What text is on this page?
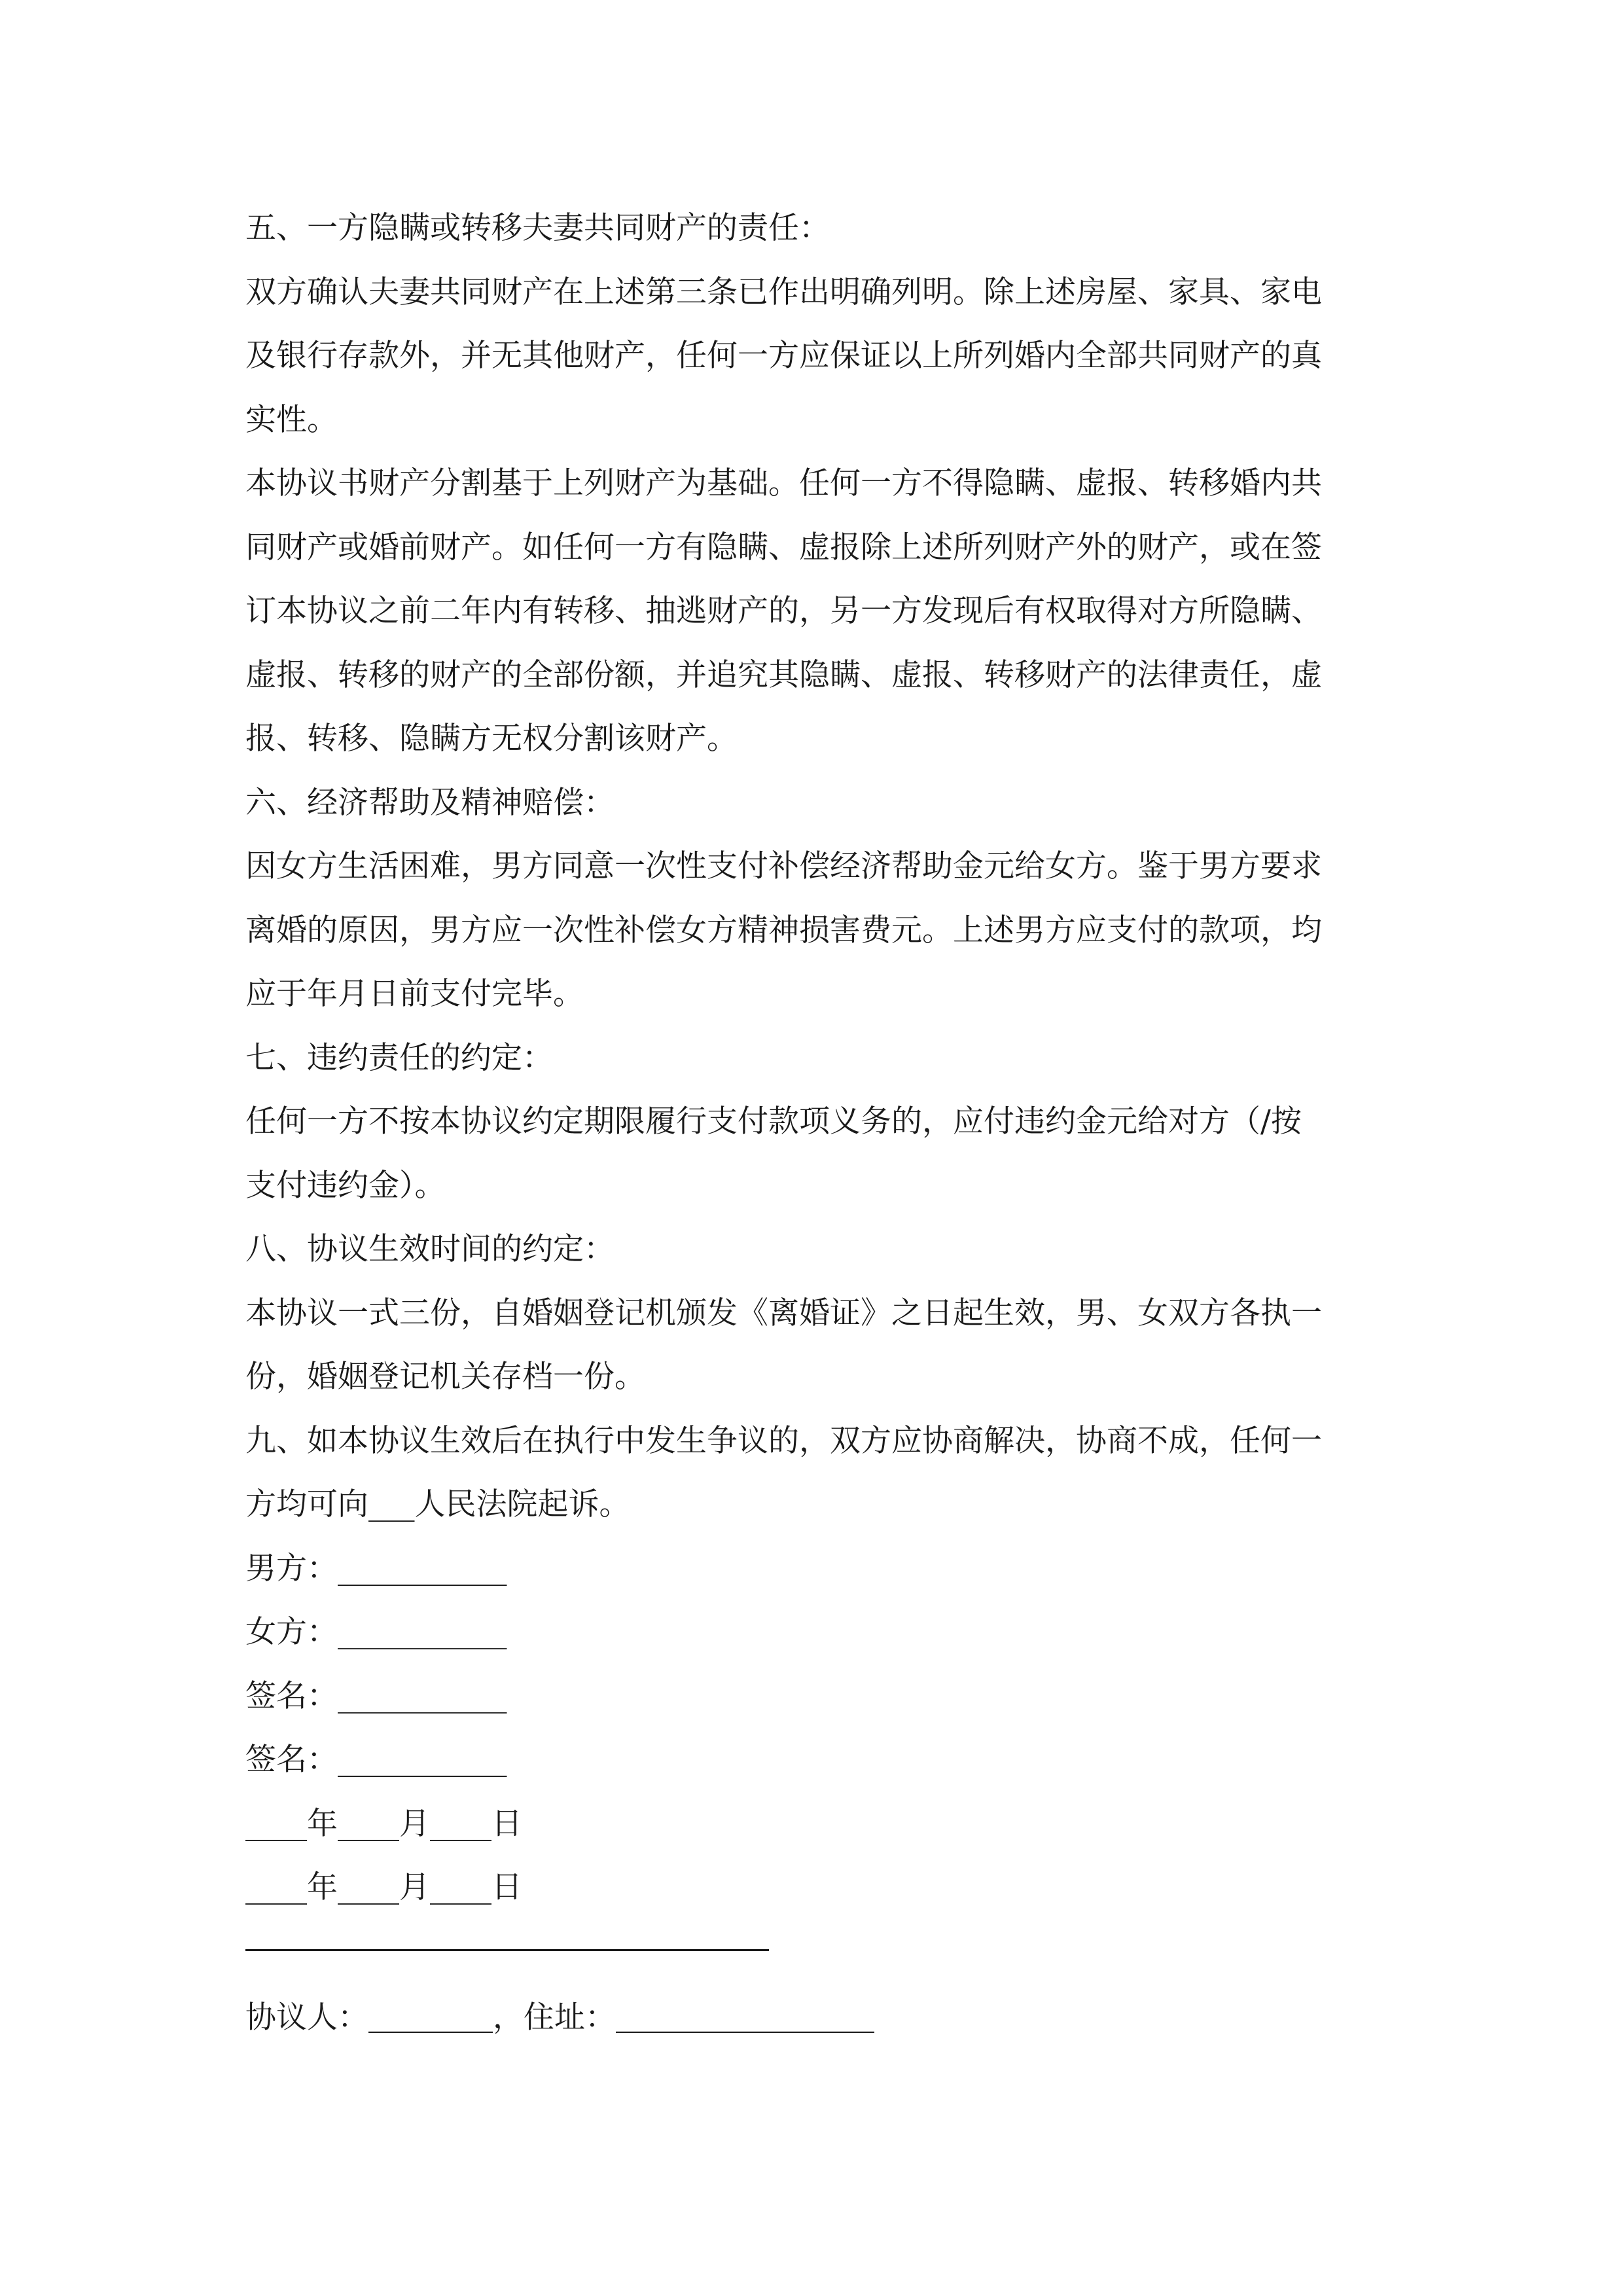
五、一方隐瞒或转移夫妻共同财产的责任：
双方确认夫妻共同财产在上述第三条已作出明确列明。除上述房屋、家具、家电
及银行存款外，并无其他财产，任何一方应保证以上所列婚内全部共同财产的真
实性。
本协议书财产分割基于上列财产为基础。任何一方不得隐瞒、虚报、转移婚内共
同财产或婚前财产。如任何一方有隐瞒、虚报除上述所列财产外的财产，或在签
订本协议之前二年内有转移、抽逃财产的，另一方发现后有权取得对方所隐瞒、
虚报、转移的财产的全部份额，并追究其隐瞒、虚报、转移财产的法律责任，虚
报、转移、隐瞒方无权分割该财产。
六、经济帮助及精神赔偿：
因女方生活困难，男方同意一次性支付补偿经济帮助金元给女方。鉴于男方要求
离婚的原因，男方应一次性补偿女方精神损害费元。上述男方应支付的款项，均
应于年月日前支付完毕。
七、违约责任的约定：
任何一方不按本协议约定期限履行支付款项义务的，应付违约金元给对方（/按
支付违约金）。
八、协议生效时间的约定：
本协议一式三份，自婚姻登记机颁发《离婚证》之日起生效，男、女双方各执一
份，婚姻登记机关存档一份。
九、如本协议生效后在执行中发生争议的，双方应协商解决，协商不成，任何一
方均可向___人民法院起诉。
男方：___________
女方：___________
签名：___________
签名：___________
____年____月____日
____年____月____日
协议人：	，住址：
